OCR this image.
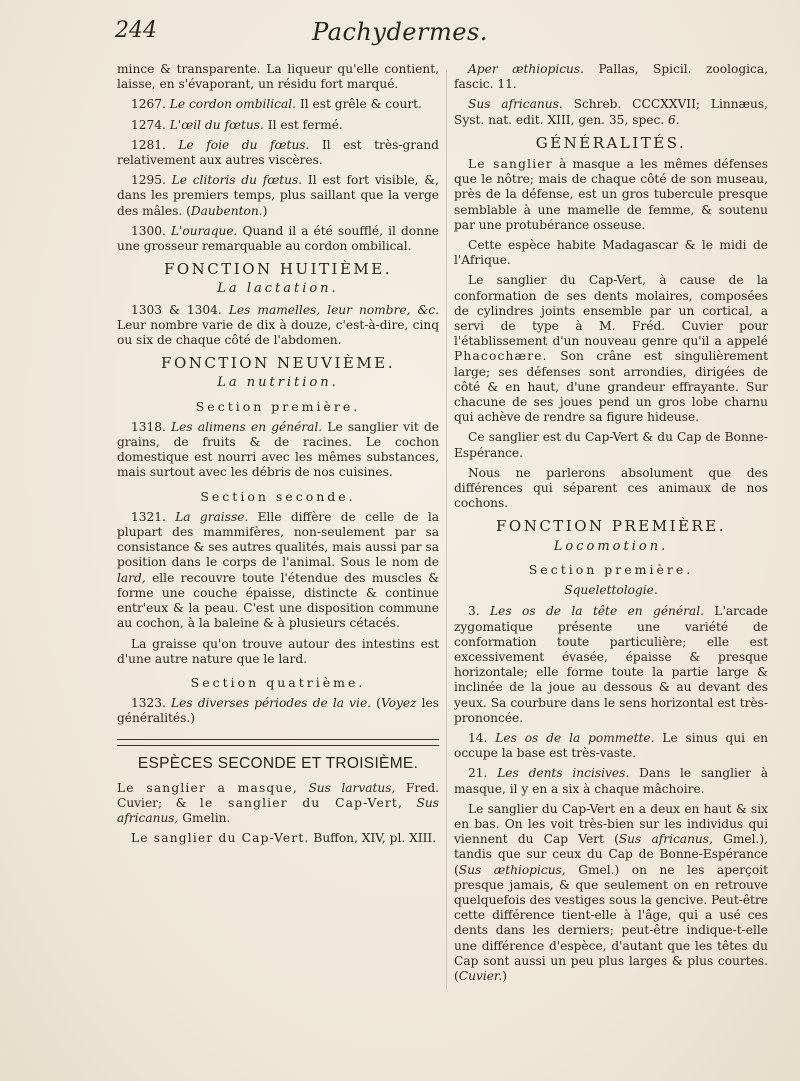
244	Pachydermes.

mince & transparente. La liqueur qu'elle contient, laisse, en s'évaporant, un résidu fort marqué.

1267. Le cordon ombilical. Il est grêle & court.

1274. L'œil du fœtus. Il est fermé.

1281. Le foie du fœtus. Il est très-grand relativement aux autres viscères.

1295. Le clitoris du fœtus. Il est fort visible, &, dans les premiers temps, plus saillant que la verge des mâles. (Daubenton.)

1300. L'ouraque. Quand il a été soufflé, il donne une grosseur remarquable au cordon ombilical.

FONCTION HUITIÈME.
La lactation.

1303 & 1304. Les mamelles, leur nombre, &c. Leur nombre varie de dix à douze, c'est-à-dire, cinq ou six de chaque côté de l'abdomen.

FONCTION NEUVIÈME.
La nutrition.
Section première.

1318. Les alimens en général. Le sanglier vit de grains, de fruits & de racines. Le cochon domestique est nourri avec les mêmes substances, mais surtout avec les débris de nos cuisines.

Section seconde.

1321. La graisse. Elle diffère de celle de la plupart des mammifères, non-seulement par sa consistance & ses autres qualités, mais aussi par sa position dans le corps de l'animal. Sous le nom de lard, elle recouvre toute l'étendue des muscles & forme une couche épaisse, distincte & continue entr'eux & la peau. C'est une disposition commune au cochon, à la baleine & à plusieurs cétacés.

La graisse qu'on trouve autour des intestins est d'une autre nature que le lard.

Section quatrième.

1323. Les diverses périodes de la vie. (Voyez les généralités.)

ESPÈCES SECONDE ET TROISIÈME.

Le sanglier a masque, Sus larvatus, Fred. Cuvier; & le sanglier du Cap-Vert, Sus africanus, Gmelin.

Le sanglier du Cap-Vert. Buffon, XIV, pl. XIII.

Aper æthiopicus. Pallas, Spicil. zoologica, fascic. 11.

Sus africanus. Schreb. CCCXXVII; Linnæus, Syst. nat. edit. XIII, gen. 35, spec. 6.

GÉNÉRALITÉS.

Le sanglier à masque a les mêmes défenses que le nôtre; mais de chaque côté de son museau, près de la défense, est un gros tubercule presque semblable à une mamelle de femme, & soutenu par une protubérance osseuse.

Cette espèce habite Madagascar & le midi de l'Afrique.

Le sanglier du Cap-Vert, à cause de la conformation de ses dents molaires, composées de cylindres joints ensemble par un cortical, a servi de type à M. Fréd. Cuvier pour l'établissement d'un nouveau genre qu'il a appelé Phacochære. Son crâne est singulièrement large; ses défenses sont arrondies, dirigées de côté & en haut, d'une grandeur effrayante. Sur chacune de ses joues pend un gros lobe charnu qui achève de rendre sa figure hideuse.

Ce sanglier est du Cap-Vert & du Cap de Bonne-Espérance.

Nous ne parlerons absolument que des différences qui séparent ces animaux de nos cochons.

FONCTION PREMIÈRE.
Locomotion.
Section première.
Squelettologie.

3. Les os de la tête en général. L'arcade zygomatique présente une variété de conformation toute particulière; elle est excessivement évasée, épaisse & presque horizontale; elle forme toute la partie large & inclinée de la joue au dessous & au devant des yeux. Sa courbure dans le sens horizontal est très-prononcée.

14. Les os de la pommette. Le sinus qui en occupe la base est très-vaste.

21. Les dents incisives. Dans le sanglier à masque, il y en a six à chaque mâchoire.

Le sanglier du Cap-Vert en a deux en haut & six en bas. On les voit très-bien sur les individus qui viennent du Cap Vert (Sus africanus, Gmel.), tandis que sur ceux du Cap de Bonne-Espérance (Sus æthiopicus, Gmel.) on ne les aperçoit presque jamais, & que seulement on en retrouve quelquefois des vestiges sous la gencive. Peut-être cette différence tient-elle à l'âge, qui a usé ces dents dans les derniers; peut-être indique-t-elle une différence d'espèce, d'autant que les têtes du Cap sont aussi un peu plus larges & plus courtes. (Cuvier.)
